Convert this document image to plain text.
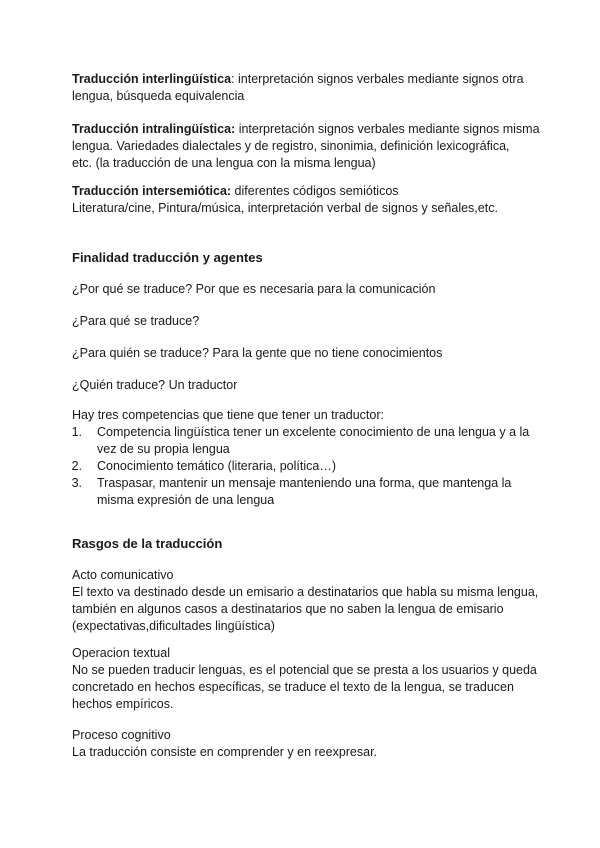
Traducción interlingüística: interpretación signos verbales mediante signos otra
lengua, búsqueda equivalencia
Traducción intralingüística: interpretación signos verbales mediante signos misma
lengua. Variedades dialectales y de registro, sinonimia, definición lexicográfica,
etc. (la traducción de una lengua con la misma lengua)
Traducción intersemiótica: diferentes códigos semióticos
Literatura/cine, Pintura/música, interpretación verbal de signos y señales,etc.
Finalidad traducción y agentes
¿Por qué se traduce? Por que es necesaria para la comunicación
¿Para qué se traduce?
¿Para quién se traduce? Para la gente que no tiene conocimientos
¿Quién traduce? Un traductor
Hay tres competencias que tiene que tener un traductor:
1. Competencia lingüística tener un excelente conocimiento de una lengua y a la
vez de su propia lengua
2. Conocimiento temático (literaria, política…)
3. Traspasar, mantenir un mensaje manteniendo una forma, que mantenga la
misma expresión de una lengua
Rasgos de la traducción
Acto comunicativo
El texto va destinado desde un emisario a destinatarios que habla su misma lengua,
también en algunos casos a destinatarios que no saben la lengua de emisario
(expectativas,dificultades lingüística)
Operacion textual
No se pueden traducir lenguas, es el potencial que se presta a los usuarios y queda
concretado en hechos específicas, se traduce el texto de la lengua, se traducen
hechos empíricos.
Proceso cognitivo
La traducción consiste en comprender y en reexpresar.
